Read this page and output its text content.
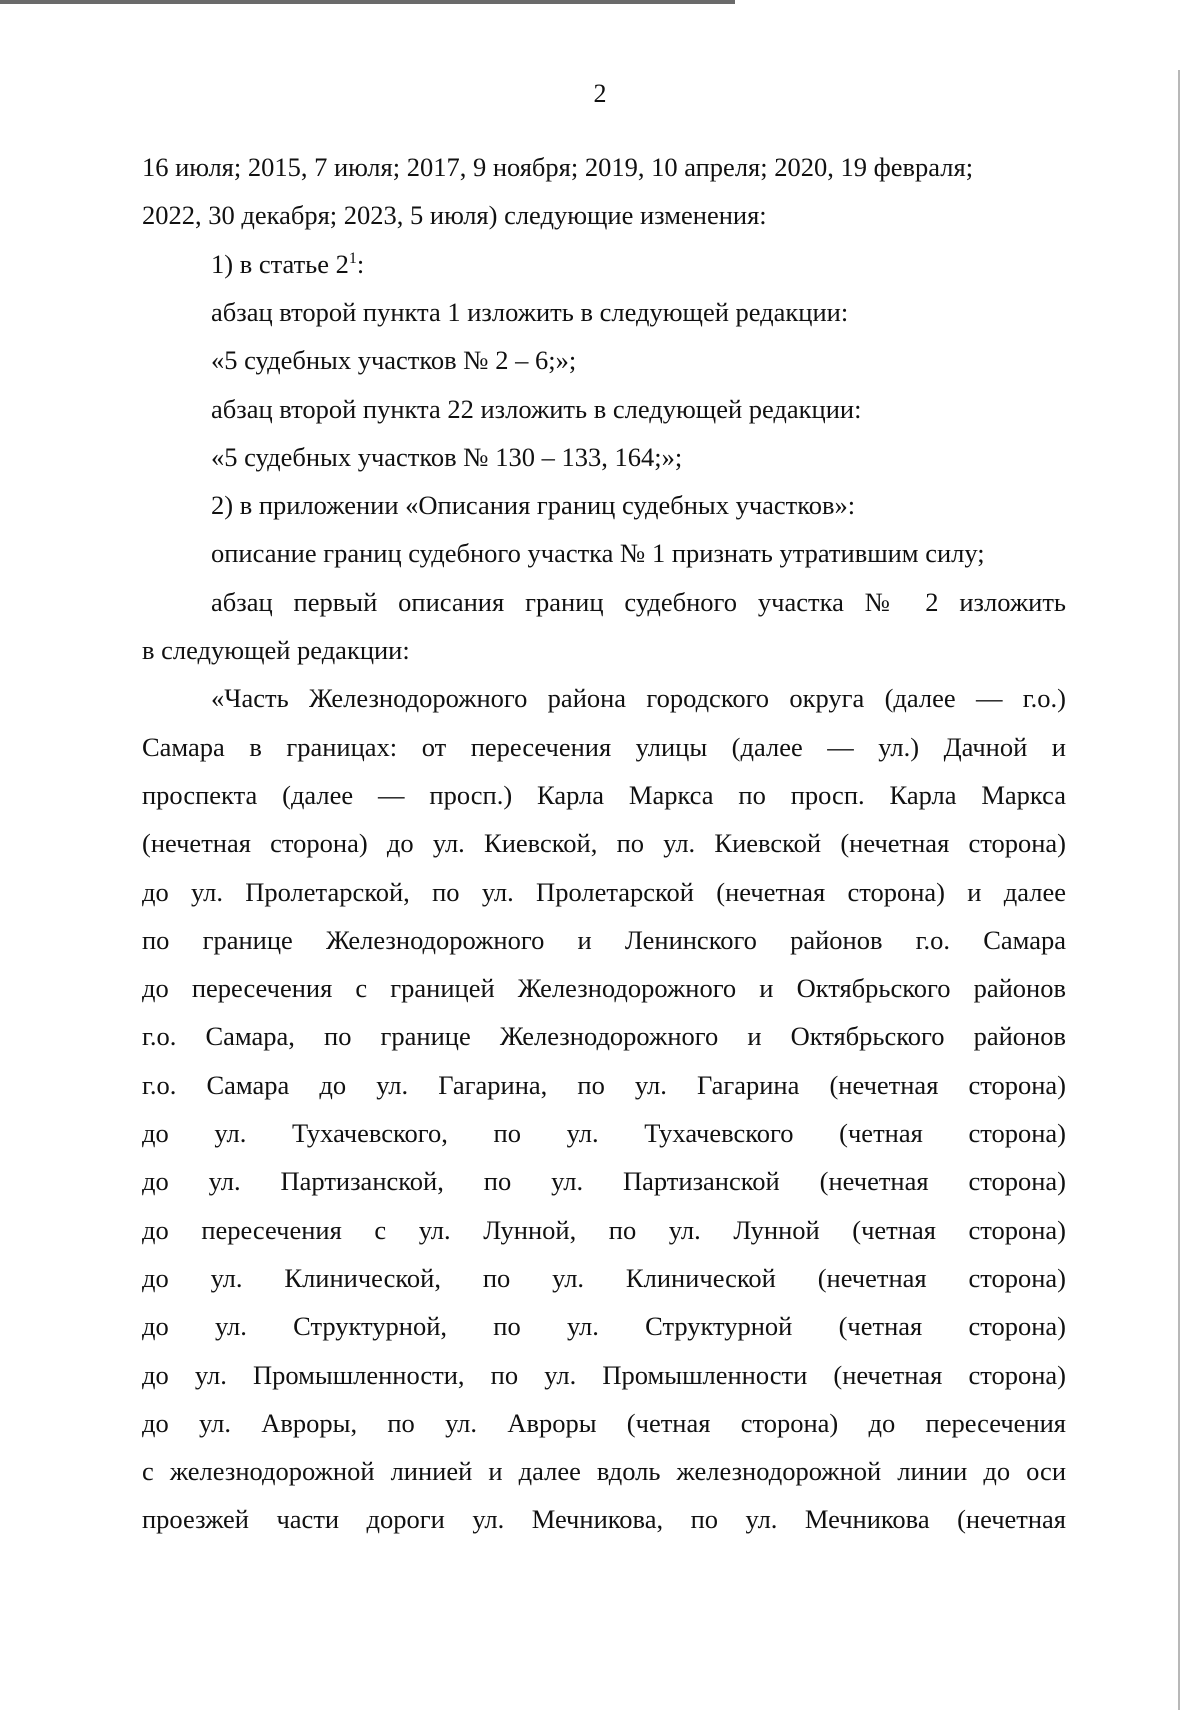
2
16 июля; 2015, 7 июля; 2017, 9 ноября; 2019, 10 апреля; 2020, 19 февраля;
2022, 30 декабря; 2023, 5 июля) следующие изменения:
1) в статье $2^1$:
абзац второй пункта 1 изложить в следующей редакции:
«5 судебных участков № 2 – 6;»;
абзац второй пункта 22 изложить в следующей редакции:
«5 судебных участков № 130 – 133, 164;»;
2) в приложении «Описания границ судебных участков»:
описание границ судебного участка № 1 признать утратившим силу;
абзац первый описания границ судебного участка № 2 изложить
в следующей редакции:
«Часть Железнодорожного района городского округа (далее — г.о.)
Самара в границах: от пересечения улицы (далее — ул.) Дачной и
проспекта (далее — просп.) Карла Маркса по просп. Карла Маркса
(нечетная сторона) до ул. Киевской, по ул. Киевской (нечетная сторона)
до ул. Пролетарской, по ул. Пролетарской (нечетная сторона) и далее
по границе Железнодорожного и Ленинского районов г.о. Самара
до пересечения с границей Железнодорожного и Октябрьского районов
г.о. Самара, по границе Железнодорожного и Октябрьского районов
г.о. Самара до ул. Гагарина, по ул. Гагарина (нечетная сторона)
до ул. Тухачевского, по ул. Тухачевского (четная сторона)
до ул. Партизанской, по ул. Партизанской (нечетная сторона)
до пересечения с ул. Лунной, по ул. Лунной (четная сторона)
до ул. Клинической, по ул. Клинической (нечетная сторона)
до ул. Структурной, по ул. Структурной (четная сторона)
до ул. Промышленности, по ул. Промышленности (нечетная сторона)
до ул. Авроры, по ул. Авроры (четная сторона) до пересечения
с железнодорожной линией и далее вдоль железнодорожной линии до оси
проезжей части дороги ул. Мечникова, по ул. Мечникова (нечетная
